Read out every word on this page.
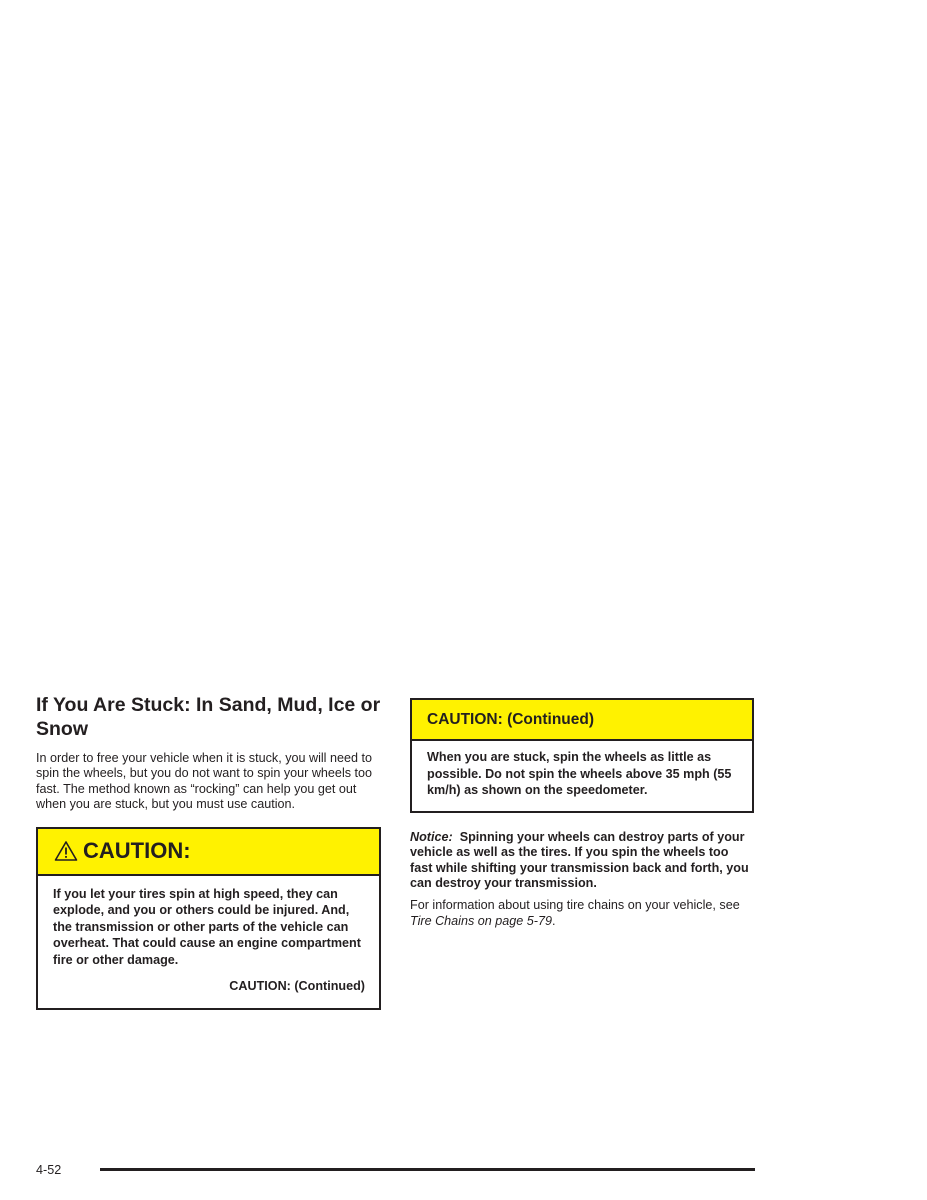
If You Are Stuck: In Sand, Mud, Ice or Snow

In order to free your vehicle when it is stuck, you will need to spin the wheels, but you do not want to spin your wheels too fast. The method known as “rocking” can help you get out when you are stuck, but you must use caution.

CAUTION:
If you let your tires spin at high speed, they can explode, and you or others could be injured. And, the transmission or other parts of the vehicle can overheat. That could cause an engine compartment fire or other damage.
CAUTION: (Continued)
CAUTION: (Continued)
When you are stuck, spin the wheels as little as possible. Do not spin the wheels above 35 mph (55 km/h) as shown on the speedometer.

Notice: Spinning your wheels can destroy parts of your vehicle as well as the tires. If you spin the wheels too fast while shifting your transmission back and forth, you can destroy your transmission.

For information about using tire chains on your vehicle, see Tire Chains on page 5-79.

4-52
